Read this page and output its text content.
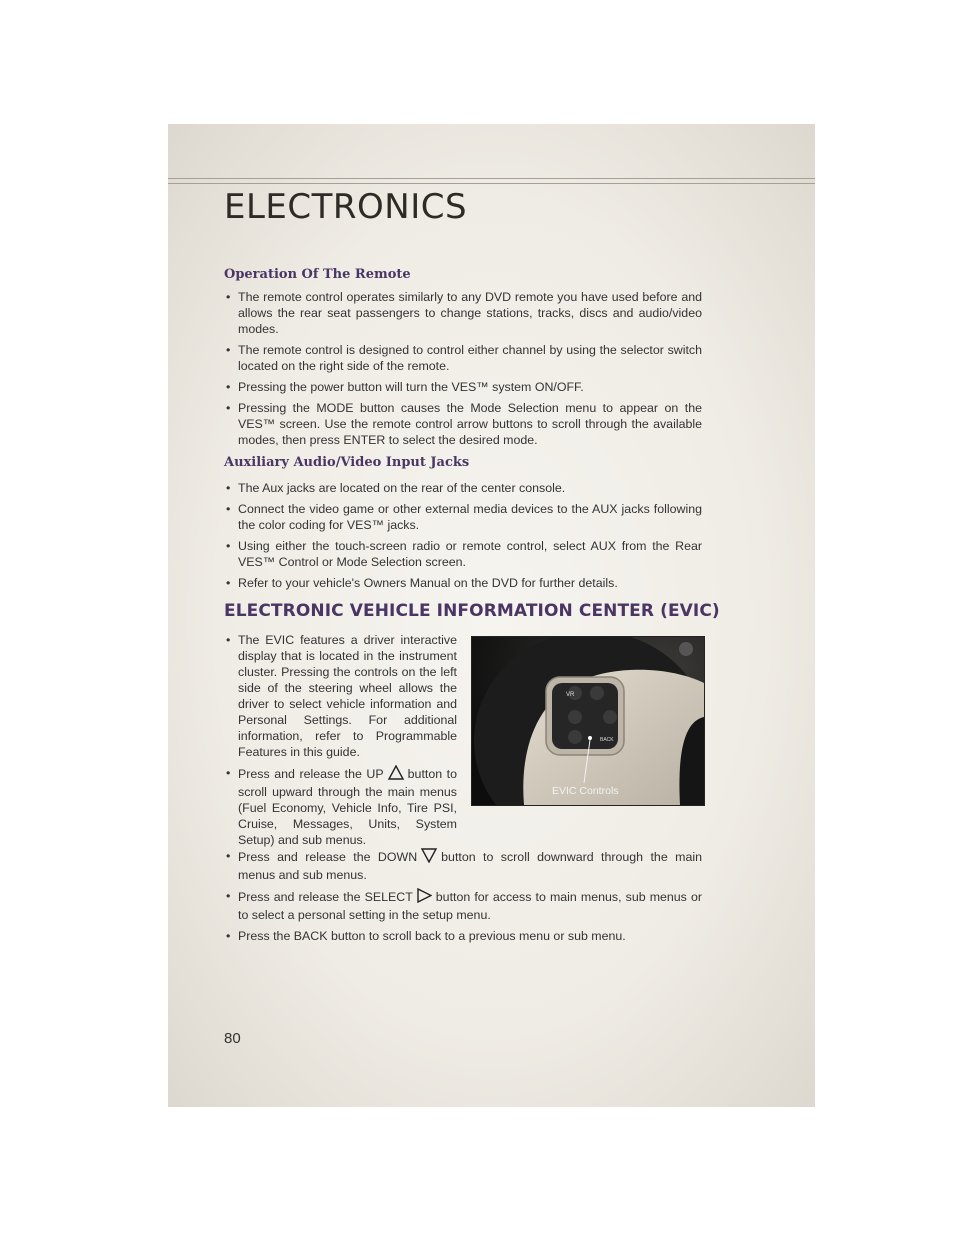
ELECTRONICS
Operation Of The Remote
• The remote control operates similarly to any DVD remote you have used before and allows the rear seat passengers to change stations, tracks, discs and audio/video modes.
• The remote control is designed to control either channel by using the selector switch located on the right side of the remote.
• Pressing the power button will turn the VES™ system ON/OFF.
• Pressing the MODE button causes the Mode Selection menu to appear on the VES™ screen. Use the remote control arrow buttons to scroll through the available modes, then press ENTER to select the desired mode.
Auxiliary Audio/Video Input Jacks
• The Aux jacks are located on the rear of the center console.
• Connect the video game or other external media devices to the AUX jacks following the color coding for VES™ jacks.
• Using either the touch-screen radio or remote control, select AUX from the Rear VES™ Control or Mode Selection screen.
• Refer to your vehicle's Owners Manual on the DVD for further details.
ELECTRONIC VEHICLE INFORMATION CENTER (EVIC)
• The EVIC features a driver interactive display that is located in the instrument cluster. Pressing the controls on the left side of the steering wheel allows the driver to select vehicle information and Personal Settings. For additional information, refer to Programmable Features in this guide.
• Press and release the UP button to scroll upward through the main menus (Fuel Economy, Vehicle Info, Tire PSI, Cruise, Messages, Units, System Setup) and sub menus.
• Press and release the DOWN button to scroll downward through the main menus and sub menus.
• Press and release the SELECT button for access to main menus, sub menus or to select a personal setting in the setup menu.
• Press the BACK button to scroll back to a previous menu or sub menu.
VR
BACK
EVIC Controls

80
